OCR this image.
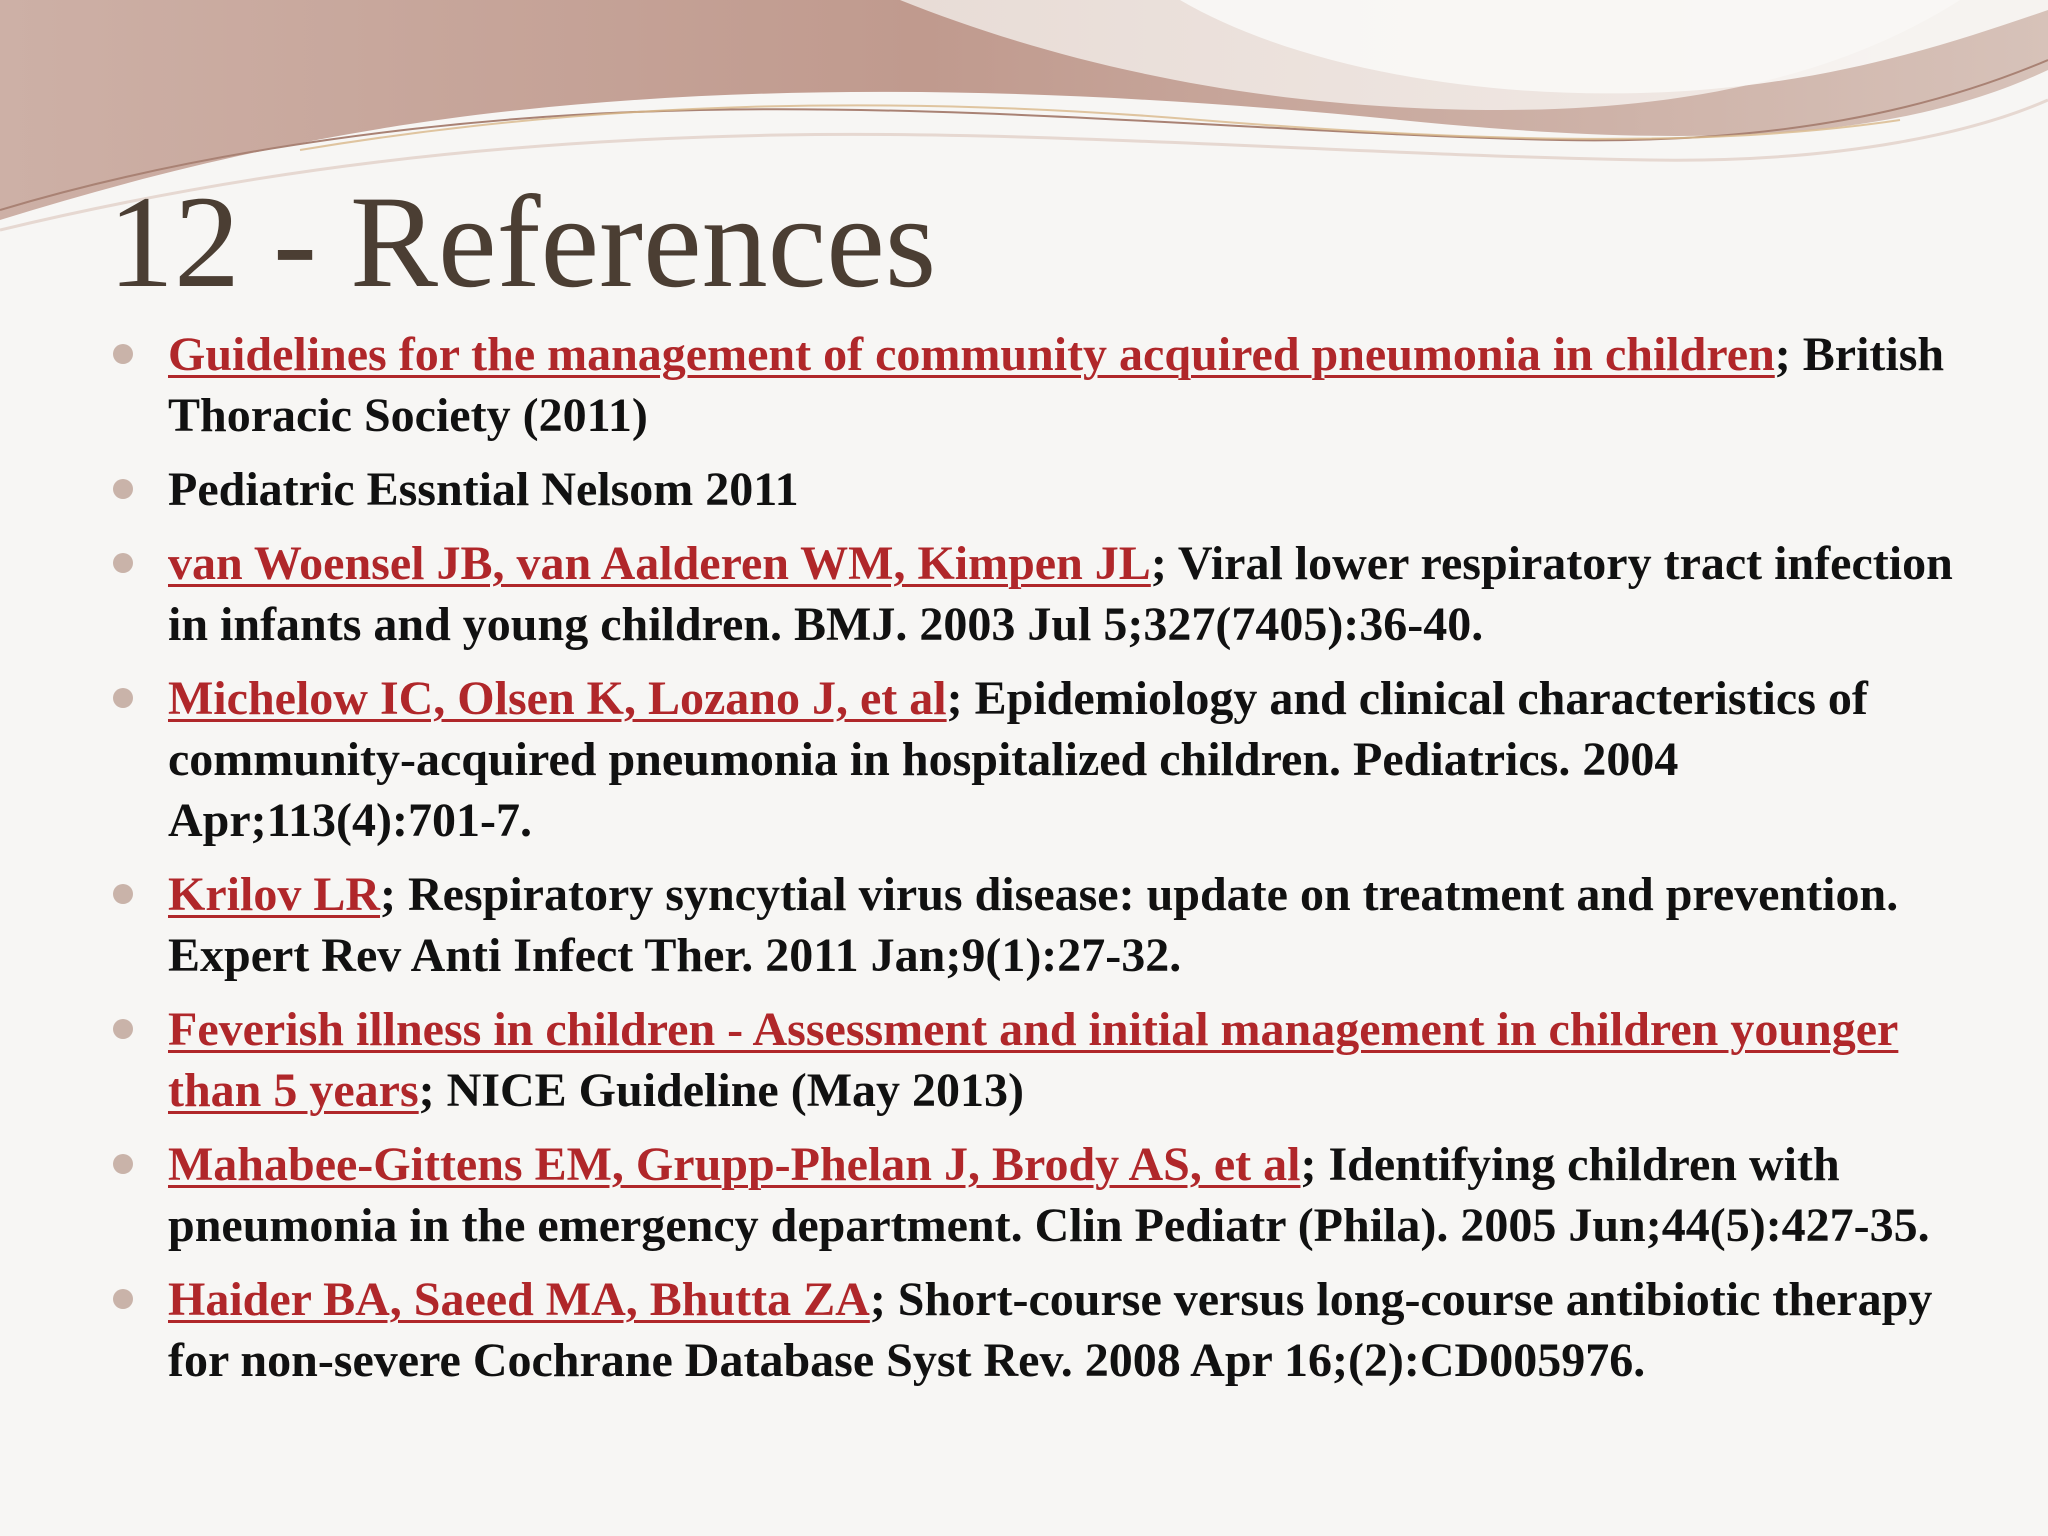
12 - References
Guidelines for the management of community acquired pneumonia in children; British Thoracic Society (2011)
Pediatric Essntial Nelsom 2011
van Woensel JB, van Aalderen WM, Kimpen JL; Viral lower respiratory tract infection in infants and young children. BMJ. 2003 Jul 5;327(7405):36-40.
Michelow IC, Olsen K, Lozano J, et al; Epidemiology and clinical characteristics of community-acquired pneumonia in hospitalized children. Pediatrics. 2004 Apr;113(4):701-7.
Krilov LR; Respiratory syncytial virus disease: update on treatment and prevention. Expert Rev Anti Infect Ther. 2011 Jan;9(1):27-32.
Feverish illness in children - Assessment and initial management in children younger than 5 years; NICE Guideline (May 2013)
Mahabee-Gittens EM, Grupp-Phelan J, Brody AS, et al; Identifying children with pneumonia in the emergency department. Clin Pediatr (Phila). 2005 Jun;44(5):427-35.
Haider BA, Saeed MA, Bhutta ZA; Short-course versus long-course antibiotic therapy for non-severe Cochrane Database Syst Rev. 2008 Apr 16;(2):CD005976.
